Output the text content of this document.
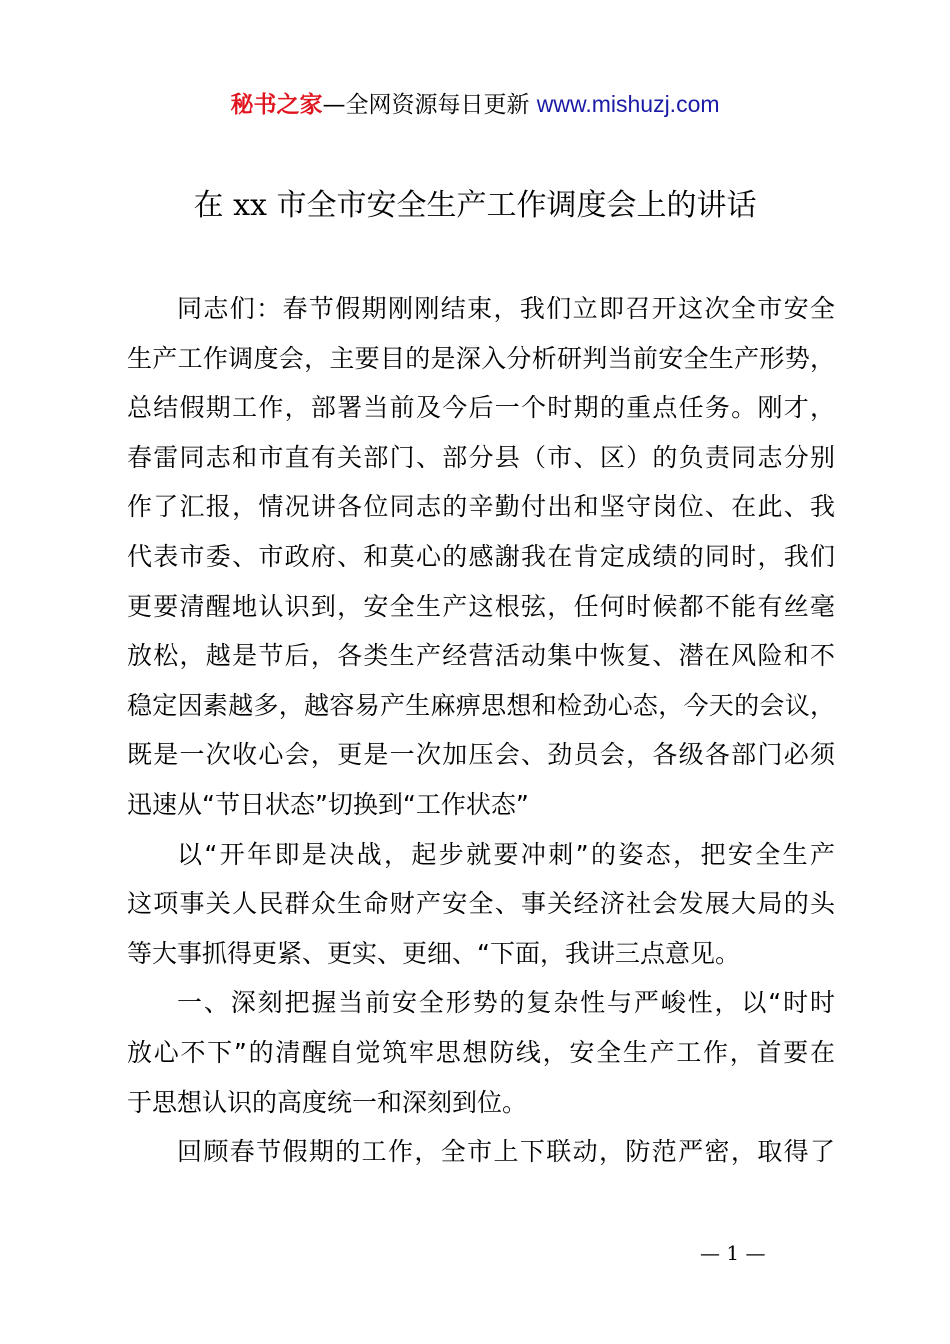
秘书之家—全网资源每日更新 www.mishuzj.com
在 xx 市全市安全生产工作调度会上的讲话
同志们：春节假期刚刚结束，我们立即召开这次全市安全
生产工作调度会，主要目的是深入分析研判当前安全生产形势，
总结假期工作，部署当前及今后一个时期的重点任务。刚才，
春雷同志和市直有关部门、部分县（市、区）的负责同志分别
作了汇报，情况讲各位同志的辛勤付出和坚守岗位、在此、我
代表市委、市政府、和莫心的感謝我在肯定成绩的同时，我们
更要清醒地认识到，安全生产这根弦，任何时候都不能有丝毫
放松，越是节后，各类生产经营活动集中恢复、潜在风险和不
稳定因素越多，越容易产生麻痹思想和检劲心态，今天的会议，
既是一次收心会，更是一次加压会、劲员会，各级各部门必须
迅速从“节日状态”切换到“工作状态”
以“开年即是决战，起步就要冲刺”的姿态，把安全生产
这项事关人民群众生命财产安全、事关经济社会发展大局的头
等大事抓得更紧、更实、更细、“下面，我讲三点意见。
一、深刻把握当前安全形势的复杂性与严峻性，以“时时
放心不下”的清醒自觉筑牢思想防线，安全生产工作，首要在
于思想认识的高度统一和深刻到位。
回顾春节假期的工作，全市上下联动，防范严密，取得了
— 1 —
